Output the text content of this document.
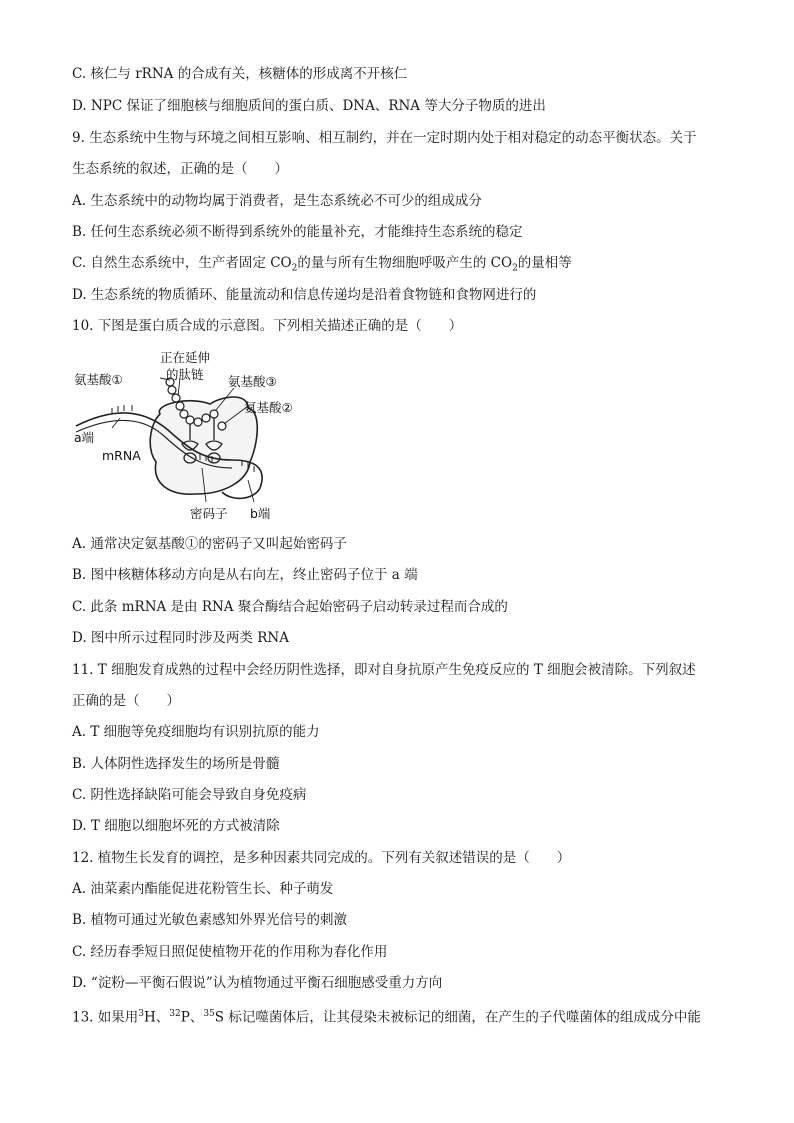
C. 核仁与 rRNA 的合成有关，核糖体的形成离不开核仁
D. NPC 保证了细胞核与细胞质间的蛋白质、DNA、RNA 等大分子物质的进出
9. 生态系统中生物与环境之间相互影响、相互制约，并在一定时期内处于相对稳定的动态平衡状态。关于
生态系统的叙述，正确的是（　　）
A. 生态系统中的动物均属于消费者，是生态系统必不可少的组成成分
B. 任何生态系统必须不断得到系统外的能量补充，才能维持生态系统的稳定
C. 自然生态系统中，生产者固定 $CO_2$的量与所有生物细胞呼吸产生的 $CO_2$的量相等
D. 生态系统的物质循环、能量流动和信息传递均是沿着食物链和食物网进行的
10. 下图是蛋白质合成的示意图。下列相关描述正确的是（　　）
正在延伸
的肽链
氨基酸①	氨基酸③
氨基酸②
a端
mRNA
密码子 b端
A. 通常决定氨基酸①的密码子又叫起始密码子
B. 图中核糖体移动方向是从右向左，终止密码子位于 a 端
C. 此条 mRNA 是由 RNA 聚合酶结合起始密码子启动转录过程而合成的
D. 图中所示过程同时涉及两类 RNA
11. T 细胞发育成熟的过程中会经历阴性选择，即对自身抗原产生免疫反应的 T 细胞会被清除。下列叙述
正确的是（　　）
A. T 细胞等免疫细胞均有识别抗原的能力
B. 人体阴性选择发生的场所是骨髓
C. 阴性选择缺陷可能会导致自身免疫病
D. T 细胞以细胞坏死的方式被清除
12. 植物生长发育的调控，是多种因素共同完成的。下列有关叙述错误的是（　　）
A. 油菜素内酯能促进花粉管生长、种子萌发
B. 植物可通过光敏色素感知外界光信号的刺激
C. 经历春季短日照促使植物开花的作用称为春化作用
D. “淀粉—平衡石假说”认为植物通过平衡石细胞感受重力方向
13. 如果用$^3$H、$^{32}$P、$^{35}$S 标记噬菌体后，让其侵染未被标记的细菌，在产生的子代噬菌体的组成成分中能
